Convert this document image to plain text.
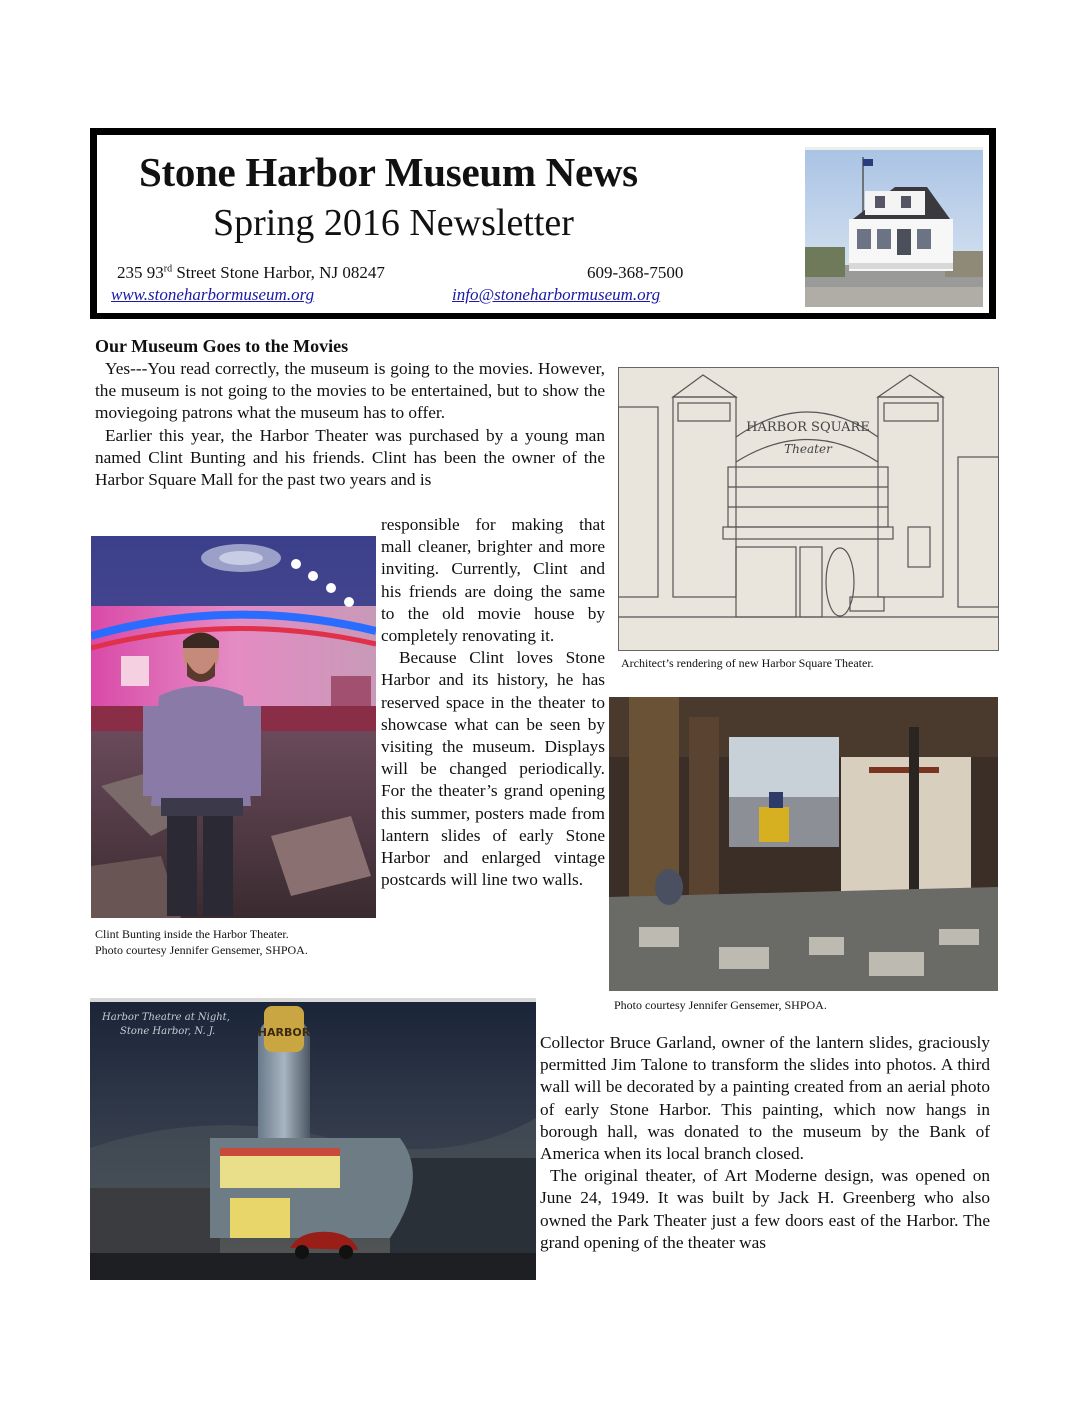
Stone Harbor Museum News
Spring 2016 Newsletter
235 93rd Street Stone Harbor, NJ 08247	609-368-7500
www.stoneharbormuseum.org	info@stoneharbormuseum.org
Our Museum Goes to the Movies
Yes---You read correctly, the museum is going to the movies. However, the museum is not going to the movies to be entertained, but to show the moviegoing patrons what the museum has to offer.
Earlier this year, the Harbor Theater was purchased by a young man named Clint Bunting and his friends. Clint has been the owner of the Harbor Square Mall for the past two years and is
responsible for making that mall cleaner, brighter and more inviting. Currently, Clint and his friends are doing the same to the old movie house by completely renovating it.
Because Clint loves Stone Harbor and its history, he has reserved space in the theater to showcase what can be seen by visiting the museum. Displays will be changed periodically. For the theater’s grand opening this summer, posters made from lantern slides of early Stone Harbor and enlarged vintage postcards will line two walls.
Collector Bruce Garland, owner of the lantern slides, graciously permitted Jim Talone to transform the slides into photos. A third wall will be decorated by a painting created from an aerial photo of early Stone Harbor. This painting, which now hangs in borough hall, was donated to the museum by the Bank of America when its local branch closed.
The original theater, of Art Moderne design, was opened on June 24, 1949. It was built by Jack H. Greenberg who also owned the Park Theater just a few doors east of the Harbor. The grand opening of the theater was
Clint Bunting inside the Harbor Theater.
Photo courtesy Jennifer Gensemer, SHPOA.
HARBOR SQUARE
Theater
Architect’s rendering of new Harbor Square Theater.
Photo courtesy Jennifer Gensemer, SHPOA.
HARBOR
Harbor Theatre at Night,
Stone Harbor, N. J.
